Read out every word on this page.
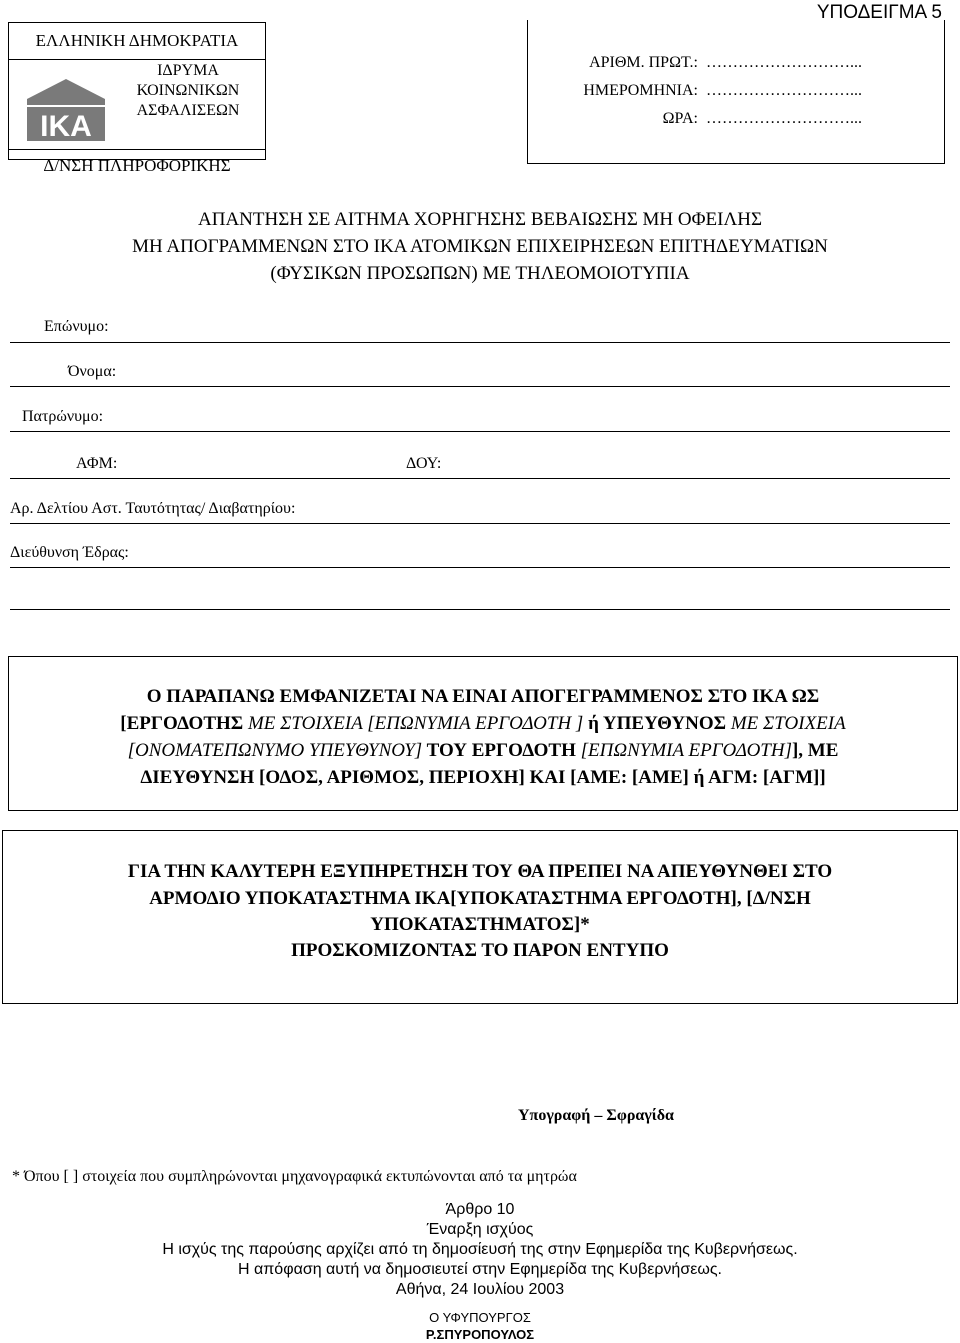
ΕΛΛΗΝΙΚΗ ΔΗΜΟΚΡΑΤΙΑ
ΙΚΑ
ΙΔΡΥΜΑ
ΚΟΙΝΩΝΙΚΩΝ
ΑΣΦΑΛΙΣΕΩΝ
Δ/ΝΣΗ ΠΛΗΡΟΦΟΡΙΚΗΣ
ΥΠΟΔΕΙΓΜΑ 5
ΑΡΙΘΜ. ΠΡΩΤ.: ………………………...
ΗΜΕΡΟΜΗΝΙΑ: ………………………...
ΩΡΑ: ………………………...
ΑΠΑΝΤΗΣΗ ΣΕ ΑΙΤΗΜΑ ΧΟΡΗΓΗΣΗΣ ΒΕΒΑΙΩΣΗΣ ΜΗ ΟΦΕΙΛΗΣ
ΜΗ ΑΠΟΓΡΑΜΜΕΝΩΝ ΣΤΟ ΙΚΑ ΑΤΟΜΙΚΩΝ ΕΠΙΧΕΙΡΗΣΕΩΝ ΕΠΙΤΗΔΕΥΜΑΤΙΩΝ
(ΦΥΣΙΚΩΝ ΠΡΟΣΩΠΩΝ) ΜΕ ΤΗΛΕΟΜΟΙΟΤΥΠΙΑ
Επώνυμο:
Όνομα:
Πατρώνυμο:
ΑΦΜ:	ΔΟΥ:
Αρ. Δελτίου Αστ. Ταυτότητας/ Διαβατηρίου:
Διεύθυνση Έδρας:
Ο ΠΑΡΑΠΑΝΩ ΕΜΦΑΝΙΖΕΤΑΙ ΝΑ ΕΙΝΑΙ ΑΠΟΓΕΓΡΑΜΜΕΝΟΣ ΣΤΟ ΙΚΑ ΩΣ
[ΕΡΓΟΔΟΤΗΣ ΜΕ ΣΤΟΙΧΕΙΑ [ΕΠΩΝΥΜΙΑ ΕΡΓΟΔΟΤΗ ] ή ΥΠΕΥΘΥΝΟΣ ΜΕ ΣΤΟΙΧΕΙΑ
[ΟΝΟΜΑΤΕΠΩΝΥΜΟ ΥΠΕΥΘΥΝΟΥ] ΤΟΥ ΕΡΓΟΔΟΤΗ [ΕΠΩΝΥΜΙΑ ΕΡΓΟΔΟΤΗ]], ΜΕ
ΔΙΕΥΘΥΝΣΗ [ΟΔΟΣ, ΑΡΙΘΜΟΣ, ΠΕΡΙΟΧΗ] ΚΑΙ [ΑΜΕ: [ΑΜΕ] ή ΑΓΜ: [ΑΓΜ]]
ΓΙΑ ΤΗΝ ΚΑΛΥΤΕΡΗ ΕΞΥΠΗΡΕΤΗΣΗ ΤΟΥ ΘΑ ΠΡΕΠΕΙ ΝΑ ΑΠΕΥΘΥΝΘΕΙ ΣΤΟ
ΑΡΜΟΔΙΟ ΥΠΟΚΑΤΑΣΤΗΜΑ ΙΚΑ[ΥΠΟΚΑΤΑΣΤΗΜΑ ΕΡΓΟΔΟΤΗ], [Δ/ΝΣΗ
ΥΠΟΚΑΤΑΣΤΗΜΑΤΟΣ]*
ΠΡΟΣΚΟΜΙΖΟΝΤΑΣ ΤΟ ΠΑΡΟΝ ΕΝΤΥΠΟ
Υπογραφή – Σφραγίδα
* Όπου [ ] στοιχεία που συμπληρώνονται μηχανογραφικά εκτυπώνονται από τα μητρώα
Άρθρο 10
Έναρξη ισχύος
Η ισχύς της παρούσης αρχίζει από τη δημοσίευσή της στην Εφημερίδα της Κυβερνήσεως.
Η απόφαση αυτή να δημοσιευτεί στην Εφημερίδα της Κυβερνήσεως.
Αθήνα, 24 Ιουλίου 2003
Ο ΥΦΥΠΟΥΡΓΟΣ
Ρ.ΣΠΥΡΟΠΟΥΛΟΣ
